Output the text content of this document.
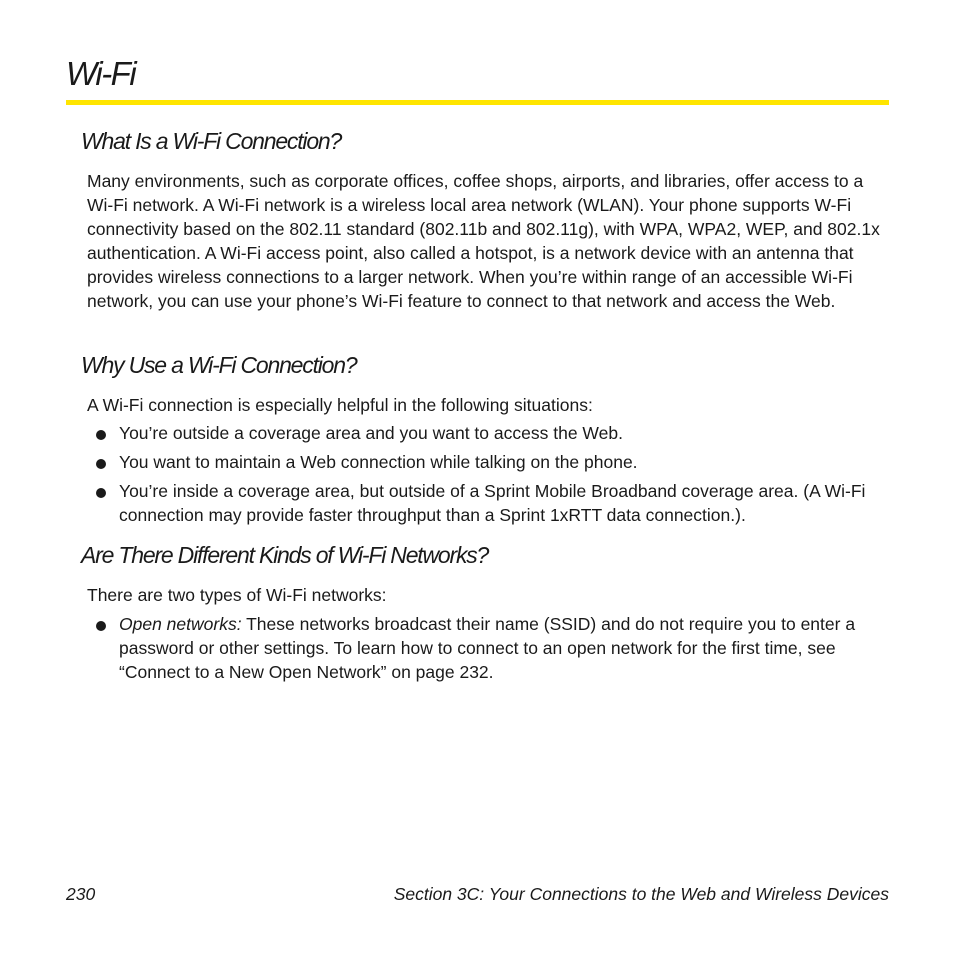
Wi-Fi
What Is a Wi-Fi Connection?

Many environments, such as corporate offices, coffee shops, airports, and libraries, offer access to a Wi-Fi network. A Wi-Fi network is a wireless local area network (WLAN). Your phone supports W-Fi connectivity based on the 802.11 standard (802.11b and 802.11g), with WPA, WPA2, WEP, and 802.1x authentication. A Wi-Fi access point, also called a hotspot, is a network device with an antenna that provides wireless connections to a larger network. When you’re within range of an accessible Wi-Fi network, you can use your phone’s Wi-Fi feature to connect to that network and access the Web.

Why Use a Wi-Fi Connection?

A Wi-Fi connection is especially helpful in the following situations:

You’re outside a coverage area and you want to access the Web.
You want to maintain a Web connection while talking on the phone.
You’re inside a coverage area, but outside of a Sprint Mobile Broadband coverage area. (A Wi-Fi connection may provide faster throughput than a Sprint 1xRTT data connection.).
Are There Different Kinds of Wi-Fi Networks?

There are two types of Wi-Fi networks:

Open networks: These networks broadcast their name (SSID) and do not require you to enter a password or other settings. To learn how to connect to an open network for the first time, see “Connect to a New Open Network” on page 232.
230	Section 3C: Your Connections to the Web and Wireless Devices
